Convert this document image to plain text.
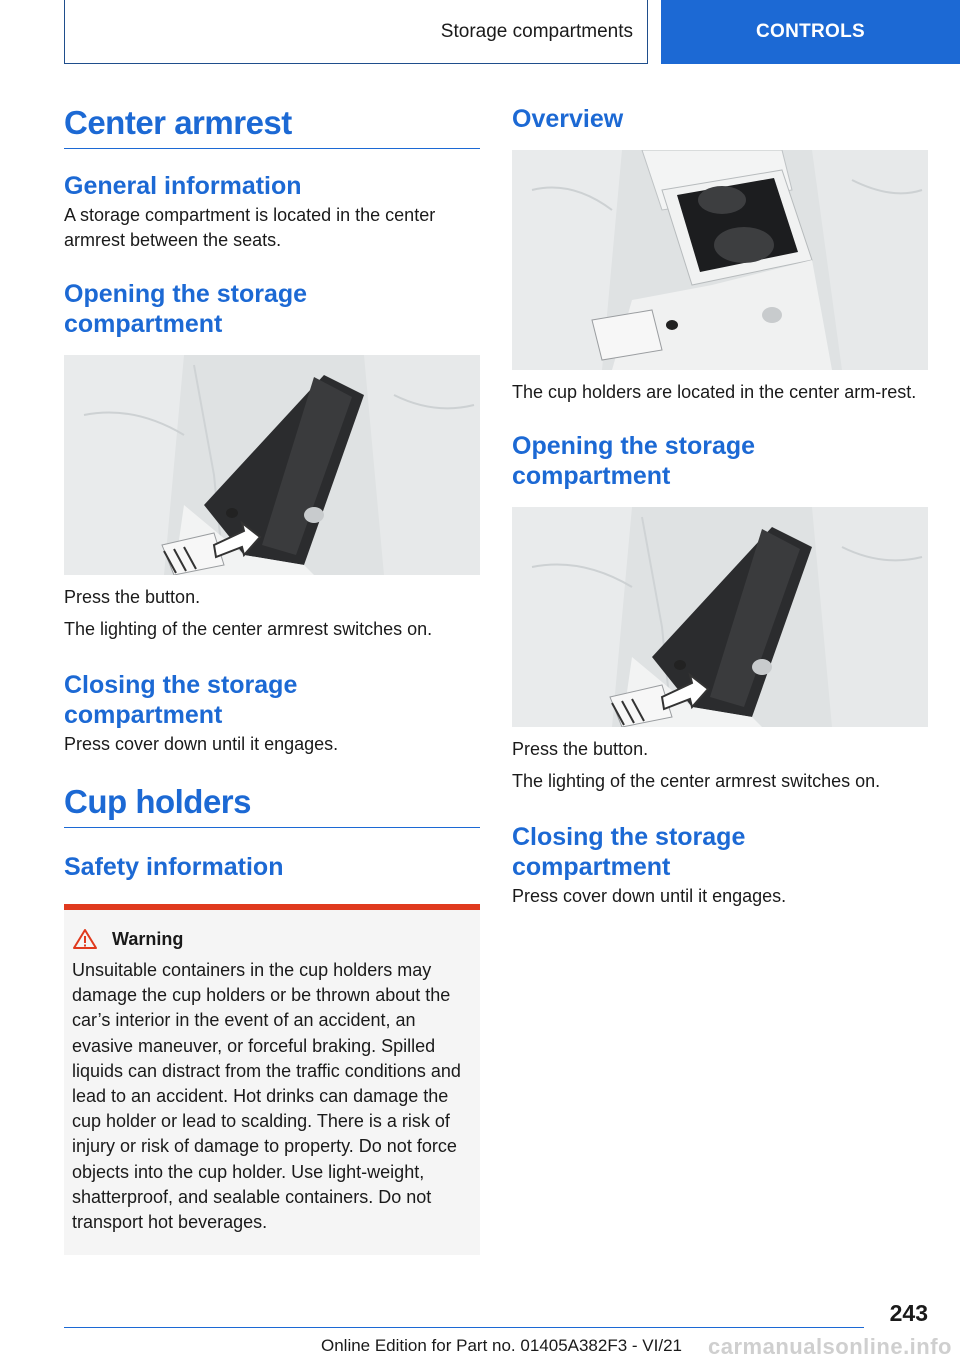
Storage compartments	CONTROLS
Center armrest
General information

A storage compartment is located in the center armrest between the seats.

Opening the storage compartment

Press the button.

The lighting of the center armrest switches on.

Closing the storage compartment

Press cover down until it engages.

Cup holders
Safety information
Warning
Unsuitable containers in the cup holders may damage the cup holders or be thrown about the car’s interior in the event of an accident, an evasive maneuver, or forceful braking. Spilled liquids can distract from the traffic conditions and lead to an accident. Hot drinks can damage the cup holder or lead to scalding. There is a risk of injury or risk of damage to property. Do not force objects into the cup holder. Use light-weight, shatterproof, and sealable containers. Do not transport hot beverages.
Overview

The cup holders are located in the center arm-rest.

Opening the storage compartment

Press the button.

The lighting of the center armrest switches on.

Closing the storage compartment

Press cover down until it engages.

243
Online Edition for Part no. 01405A382F3 - VI/21 carmanualsonline.info
